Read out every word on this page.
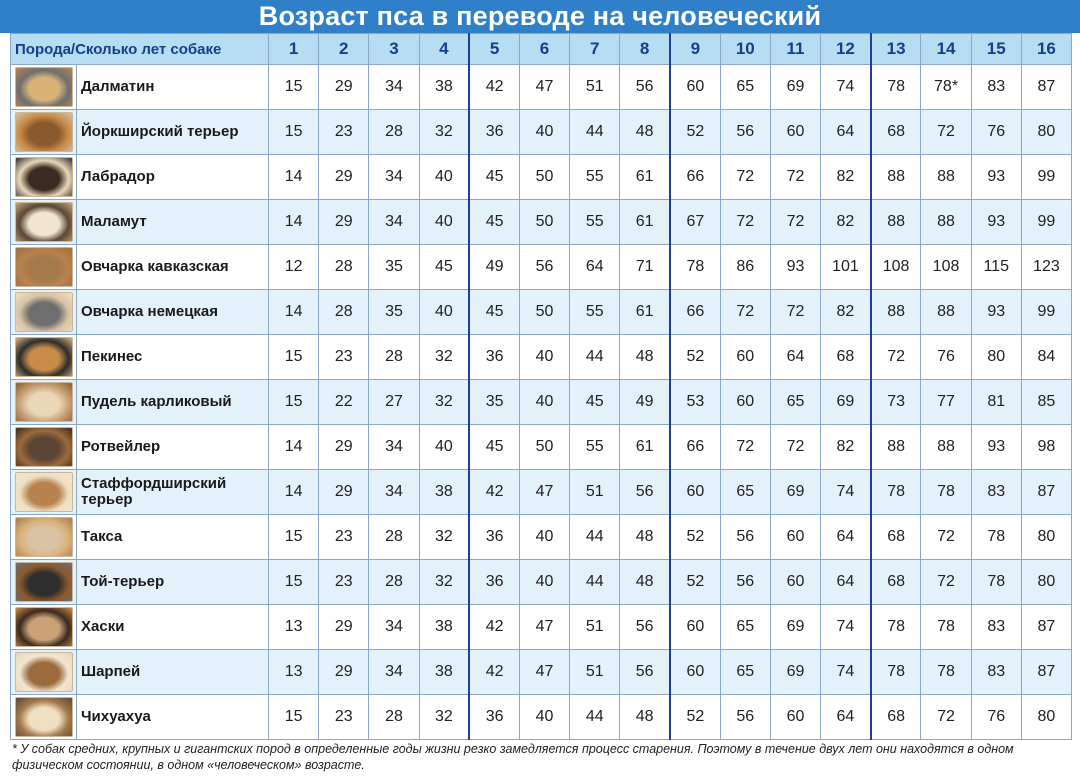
Возраст пса в переводе на человеческий
Порода/Сколько лет собаке		1	2	3	4	5	6	7	8	9	10	11	12	13	14	15	16

	Далматин	15	29	34	38	42	47	51	56	60	65	69	74	78	78*	83	87

	Йоркширский терьер	15	23	28	32	36	40	44	48	52	56	60	64	68	72	76	80

	Лабрадор	14	29	34	40	45	50	55	61	66	72	72	82	88	88	93	99

	Маламут	14	29	34	40	45	50	55	61	67	72	72	82	88	88	93	99

	Овчарка кавказская	12	28	35	45	49	56	64	71	78	86	93	101	108	108	115	123

	Овчарка немецкая	14	28	35	40	45	50	55	61	66	72	72	82	88	88	93	99

	Пекинес	15	23	28	32	36	40	44	48	52	60	64	68	72	76	80	84

	Пудель карликовый	15	22	27	32	35	40	45	49	53	60	65	69	73	77	81	85

	Ротвейлер	14	29	34	40	45	50	55	61	66	72	72	82	88	88	93	98

	Стаффордширский терьер	14	29	34	38	42	47	51	56	60	65	69	74	78	78	83	87

	Такса	15	23	28	32	36	40	44	48	52	56	60	64	68	72	78	80

	Той-терьер	15	23	28	32	36	40	44	48	52	56	60	64	68	72	78	80

	Хаски	13	29	34	38	42	47	51	56	60	65	69	74	78	78	83	87

	Шарпей	13	29	34	38	42	47	51	56	60	65	69	74	78	78	83	87

	Чихуахуа	15	23	28	32	36	40	44	48	52	56	60	64	68	72	76	80
* У собак средних, крупных и гигантских пород в определенные годы жизни резко замедляется процесс старения. Поэтому в течение двух лет они находятся в одном физическом состоянии, в одном «человеческом» возрасте.
